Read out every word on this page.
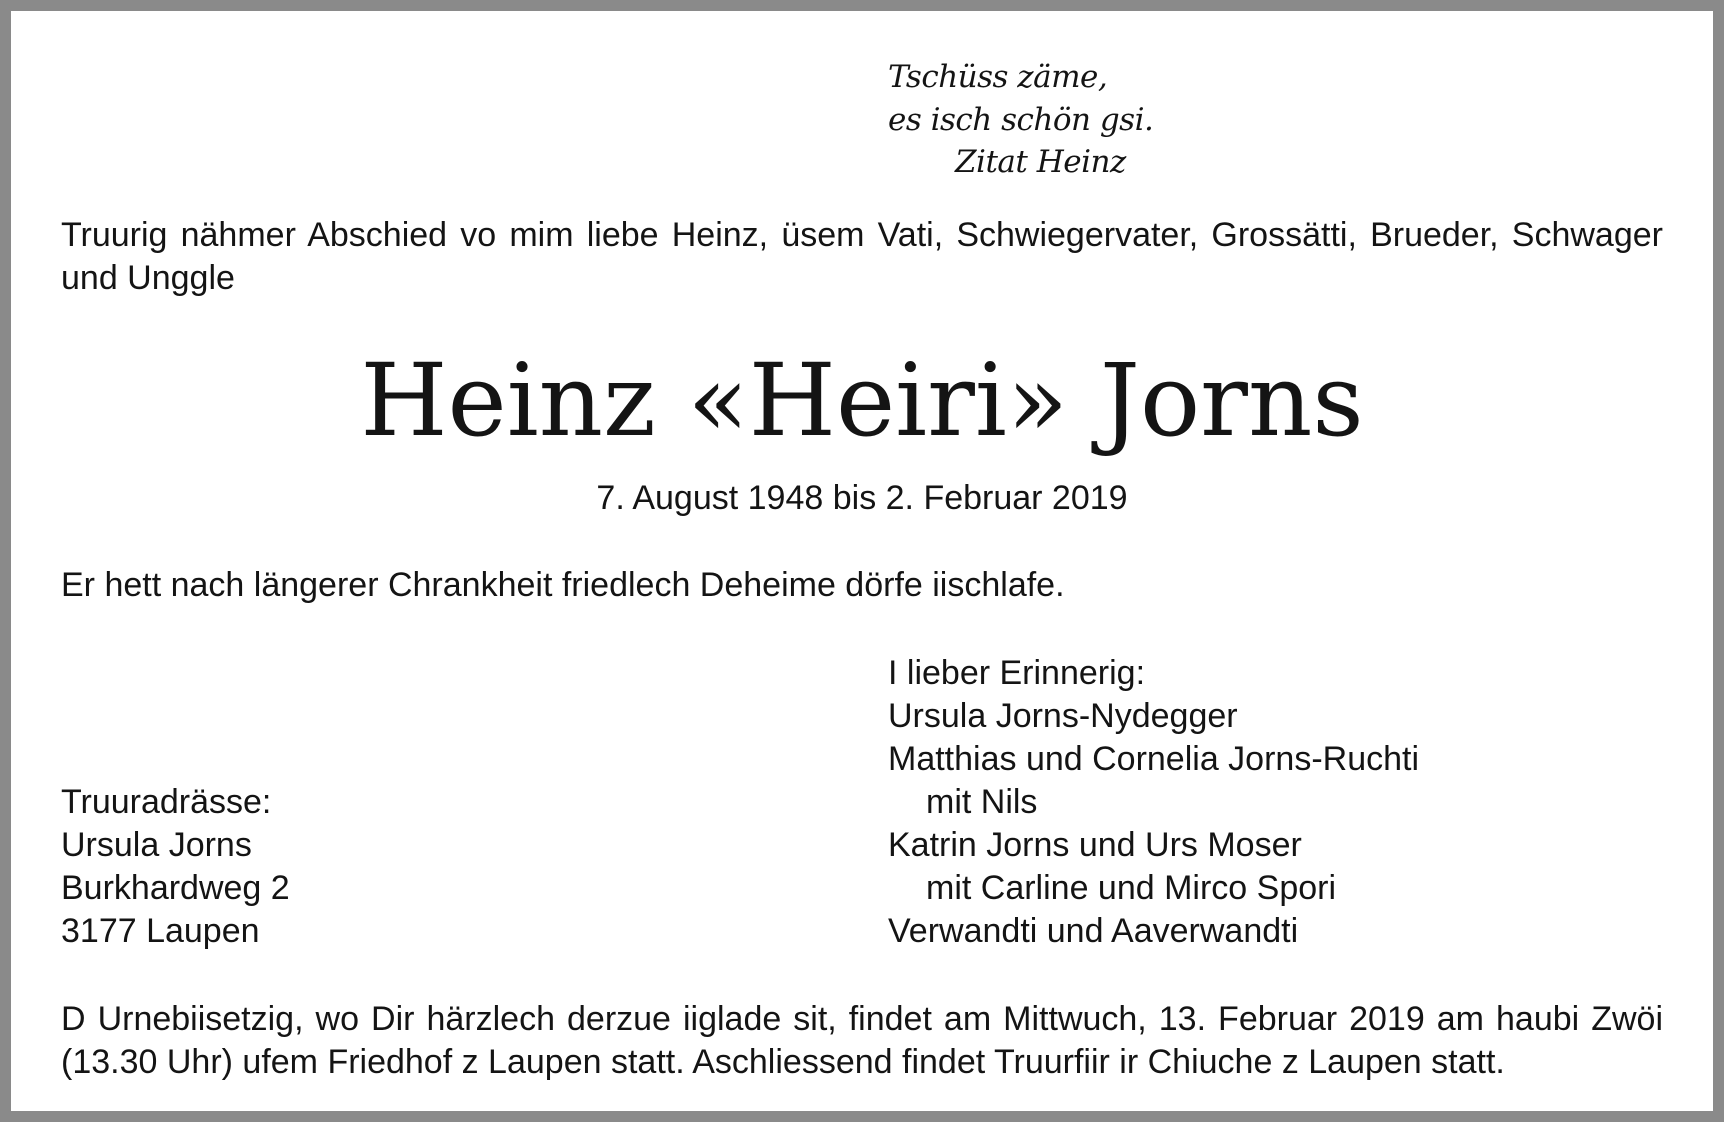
Tschüss zäme,
es isch schön gsi.
Zitat Heinz
Truurig nähmer Abschied vo mim liebe Heinz, üsem Vati, Schwiegervater, Grossätti, Brueder, Schwager und Unggle
Heinz «Heiri» Jorns
7. August 1948 bis 2. Februar 2019
Er hett nach längerer Chrankheit friedlech Deheime dörfe iischlafe.
I lieber Erinnerig:
Ursula Jorns-Nydegger
Matthias und Cornelia Jorns-Ruchti
mit Nils
Katrin Jorns und Urs Moser
mit Carline und Mirco Spori
Verwandti und Aaverwandti
Truuradrässe:
Ursula Jorns
Burkhardweg 2
3177 Laupen
D Urnebiisetzig, wo Dir härzlech derzue iiglade sit, findet am Mittwuch, 13. Februar 2019 am haubi Zwöi (13.30 Uhr) ufem Friedhof z Laupen statt. Aschliessend findet Truurfiir ir Chiuche z Laupen statt.
